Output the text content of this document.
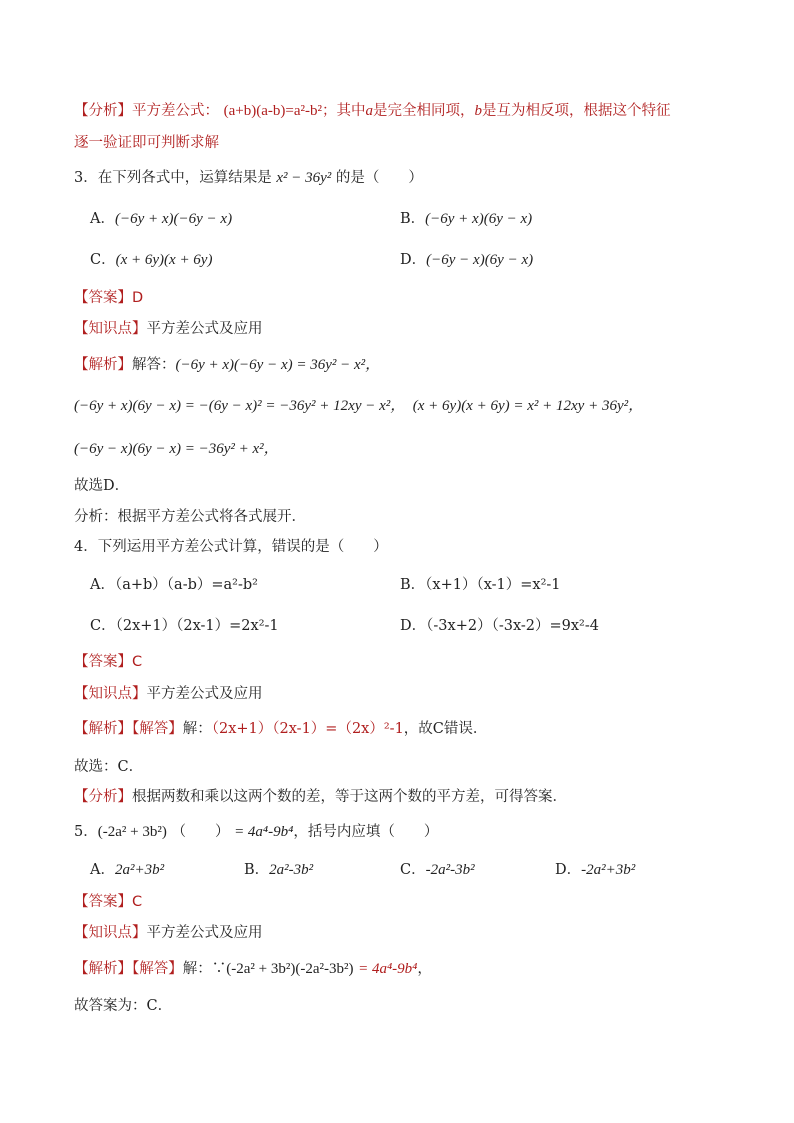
【分析】平方差公式： (a+b)(a-b)=a²-b²；其中a是完全相同项，b是互为相反项，根据这个特征
逐一验证即可判断求解
3．在下列各式中，运算结果是 x² − 36y² 的是（　　）
A．(−6y + x)(−6y − x)	B．(−6y + x)(6y − x)
C．(x + 6y)(x + 6y)	D．(−6y − x)(6y − x)
【答案】D
【知识点】平方差公式及应用
【解析】解答：(−6y + x)(−6y − x) = 36y² − x²，
(−6y + x)(6y − x) = −(6y − x)² = −36y² + 12xy − x²，　(x + 6y)(x + 6y) = x² + 12xy + 36y²，
(−6y − x)(6y − x) = −36y² + x²，
故选D．
分析：根据平方差公式将各式展开．
4．下列运用平方差公式计算，错误的是（　　）
A．（a+b）（a-b）=a²-b²	B．（x+1）（x-1）=x²-1
C．（2x+1）（2x-1）=2x²-1	D．（-3x+2）（-3x-2）=9x²-4
【答案】C
【知识点】平方差公式及应用
【解析】【解答】解：（2x+1）（2x-1）=（2x）²-1，故C错误．
故选：C．
【分析】根据两数和乘以这两个数的差，等于这两个数的平方差，可得答案．
5．(-2a² + 3b²) （　　） = 4a⁴-9b⁴，括号内应填（　　）
A．2a²+3b²	B．2a²-3b²	C．-2a²-3b²	D．-2a²+3b²
【答案】C
【知识点】平方差公式及应用
【解析】【解答】解：∵(-2a² + 3b²)(-2a²-3b²) = 4a⁴-9b⁴，
故答案为：C．
